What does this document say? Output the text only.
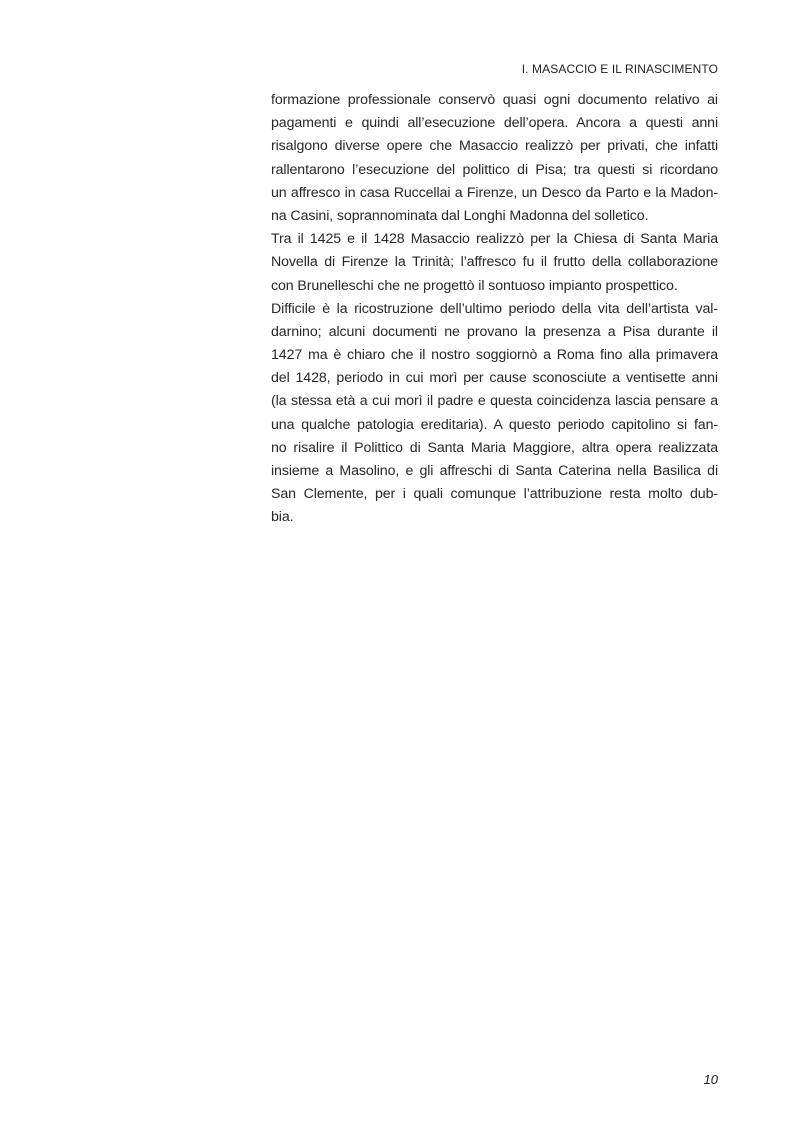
I. MASACCIO E IL RINASCIMENTO
formazione professionale conservò quasi ogni documento relativo ai
pagamenti e quindi all’esecuzione dell’opera. Ancora a questi anni
risalgono diverse opere che Masaccio realizzò per privati, che infatti
rallentarono l’esecuzione del polittico di Pisa; tra questi si ricordano
un affresco in casa Ruccellai a Firenze, un Desco da Parto e la Madon-
na Casini, soprannominata dal Longhi Madonna del solletico.
Tra il 1425 e il 1428 Masaccio realizzò per la Chiesa di Santa Maria
Novella di Firenze la Trinità; l’affresco fu il frutto della collaborazione
con Brunelleschi che ne progettò il sontuoso impianto prospettico.
Difficile è la ricostruzione dell’ultimo periodo della vita dell’artista val-
darnino; alcuni documenti ne provano la presenza a Pisa durante il
1427 ma è chiaro che il nostro soggiornò a Roma fino alla primavera
del 1428, periodo in cui morì per cause sconosciute a ventisette anni
(la stessa età a cui morì il padre e questa coincidenza lascia pensare a
una qualche patologia ereditaria). A questo periodo capitolino si fan-
no risalire il Polittico di Santa Maria Maggiore, altra opera realizzata
insieme a Masolino, e gli affreschi di Santa Caterina nella Basilica di
San Clemente, per i quali comunque l’attribuzione resta molto dub-
bia.
10
